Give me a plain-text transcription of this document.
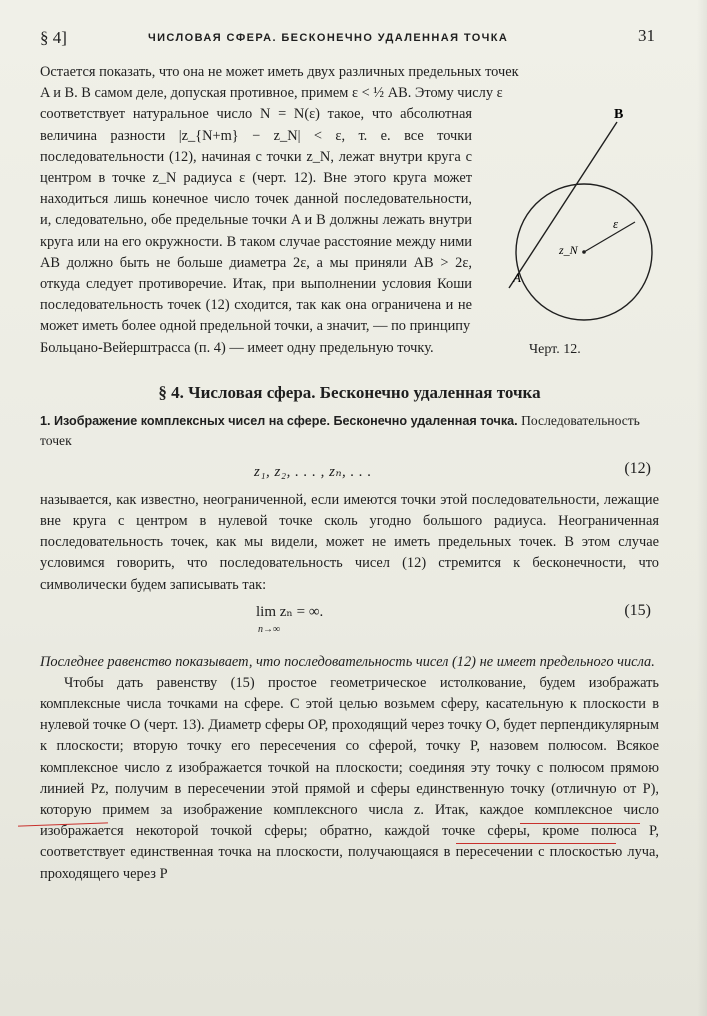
§ 4]	ЧИСЛОВАЯ СФЕРА. БЕСКОНЕЧНО УДАЛЕННАЯ ТОЧКА	31

Остается показать, что она не может иметь двух различных предельных точек

A и B. В самом деле, допуская противное, примем ε < ½ AB. Этому числу ε

соответствует натуральное число N = N(ε) такое, что абсолютная величина разности |z_{N+m} − z_N| < ε, т. е. все точки последовательности (12), начиная с точки z_N, лежат внутри круга с центром в точке z_N радиуса ε (черт. 12). Вне этого круга может находиться лишь конечное число точек данной последовательности, и, следовательно, обе предельные точки A и B должны лежать внутри круга или на его окружности. В таком случае расстояние между ними AB должно быть не больше диаметра 2ε, а мы приняли AB > 2ε, откуда следует противоречие. Итак, при выполнении условия Коши последовательность точек (12) сходится, так как она ограничена и не может иметь более одной предельной точки, а значит, — по принципу

B
A
ε
z_N
Черт. 12.

Больцано-Вейерштрасса (п. 4) — имеет одну предельную точку.

§ 4. Числовая сфера. Бесконечно удаленная точка

1. Изображение комплексных чисел на сфере. Бесконечно удаленная точка. Последовательность точек

z₁, z₂, . . . , zₙ, . . .	(12)

называется, как известно, неограниченной, если имеются точки этой последовательности, лежащие вне круга с центром в нулевой точке сколь угодно большого радиуса. Неограниченная последовательность точек, как мы видели, может не иметь предельных точек. В этом случае условимся говорить, что последовательность чисел (12) стремится к бесконечности, что символически будем записывать так:

lim zₙ = ∞.
n→∞
(15)

Последнее равенство показывает, что последовательность чисел (12) не имеет предельного числа.

Чтобы дать равенству (15) простое геометрическое истолкование, будем изображать комплексные числа точками на сфере. С этой целью возьмем сферу, касательную к плоскости в нулевой точке O (черт. 13). Диаметр сферы OP, проходящий через точку O, будет перпендикулярным к плоскости; вторую точку его пересечения со сферой, точку P, назовем полюсом. Всякое комплексное число z изображается точкой на плоскости; соединяя эту точку с полюсом прямою линией Pz, получим в пересечении этой прямой и сферы единственную точку (отличную от P), которую примем за изображение комплексного числа z. Итак, каждое комплексное число изображается некоторой точкой сферы; обратно, каждой точке сферы, кроме полюса P, соответствует единственная точка на плоскости, получающаяся в пересечении с плоскостью луча, проходящего через P
